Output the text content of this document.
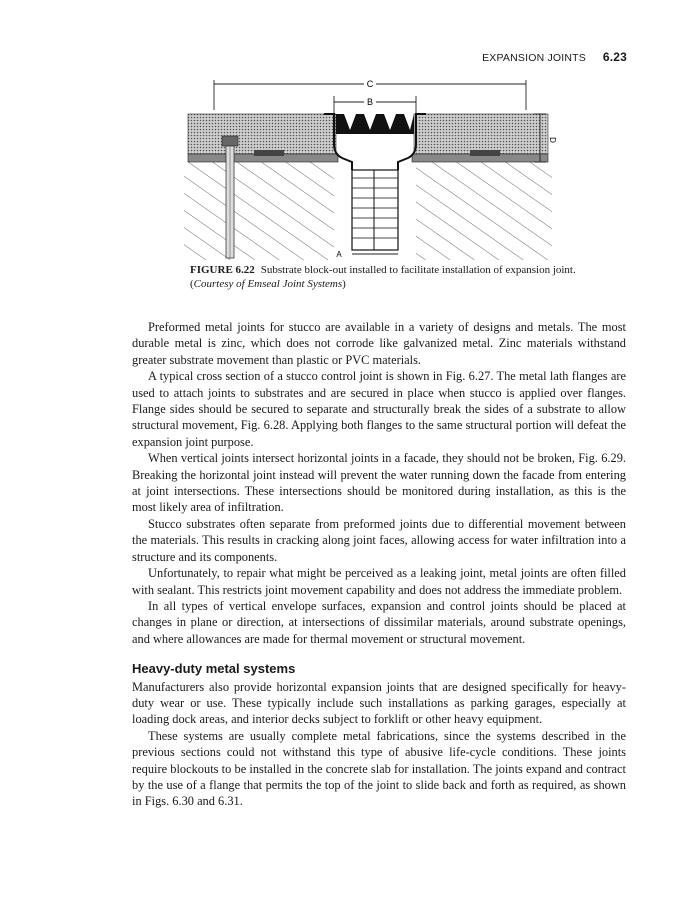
EXPANSION JOINTS 6.23
C
B
D
A
FIGURE 6.22 Substrate block-out installed to facilitate installation of expansion joint. (Courtesy of Emseal Joint Systems)

Preformed metal joints for stucco are available in a variety of designs and metals. The most durable metal is zinc, which does not corrode like galvanized metal. Zinc materials withstand greater substrate movement than plastic or PVC materials.

A typical cross section of a stucco control joint is shown in Fig. 6.27. The metal lath flanges are used to attach joints to substrates and are secured in place when stucco is applied over flanges. Flange sides should be secured to separate and structurally break the sides of a substrate to allow structural movement, Fig. 6.28. Applying both flanges to the same structural portion will defeat the expansion joint purpose.

When vertical joints intersect horizontal joints in a facade, they should not be broken, Fig. 6.29. Breaking the horizontal joint instead will prevent the water running down the facade from entering at joint intersections. These intersections should be monitored during installation, as this is the most likely area of infiltration.

Stucco substrates often separate from preformed joints due to differential movement between the materials. This results in cracking along joint faces, allowing access for water infiltration into a structure and its components.

Unfortunately, to repair what might be perceived as a leaking joint, metal joints are often filled with sealant. This restricts joint movement capability and does not address the immediate problem.

In all types of vertical envelope surfaces, expansion and control joints should be placed at changes in plane or direction, at intersections of dissimilar materials, around substrate openings, and where allowances are made for thermal movement or structural movement.

Heavy-duty metal systems

Manufacturers also provide horizontal expansion joints that are designed specifically for heavy-duty wear or use. These typically include such installations as parking garages, especially at loading dock areas, and interior decks subject to forklift or other heavy equipment.

These systems are usually complete metal fabrications, since the systems described in the previous sections could not withstand this type of abusive life-cycle conditions. These joints require blockouts to be installed in the concrete slab for installation. The joints expand and contract by the use of a flange that permits the top of the joint to slide back and forth as required, as shown in Figs. 6.30 and 6.31.
